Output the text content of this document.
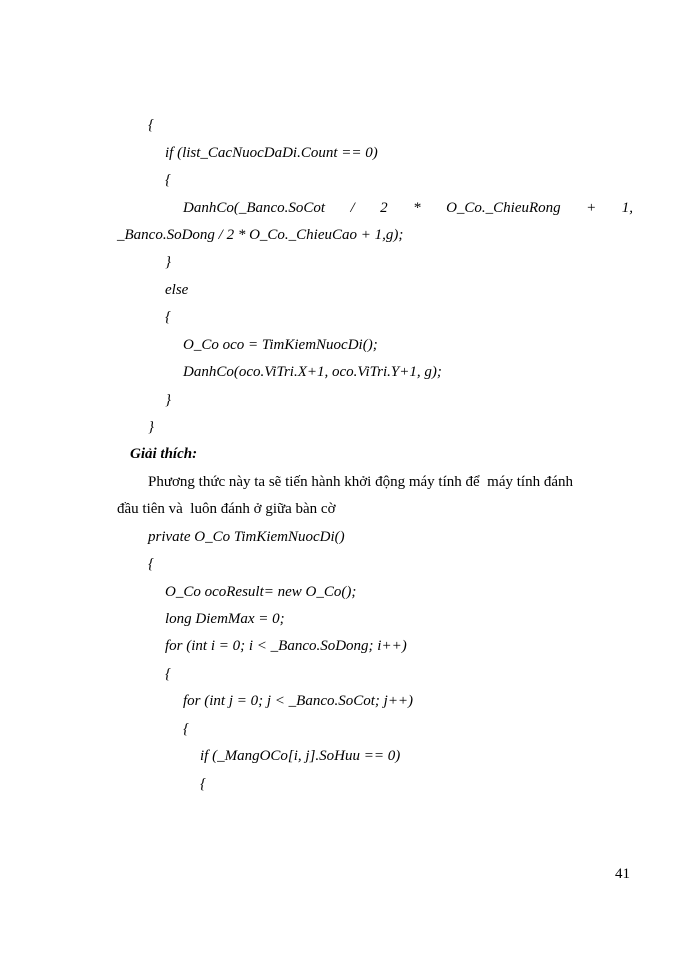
{
if (list_CacNuocDaDi.Count == 0)
{
DanhCo(_Banco.SoCot / 2 * O_Co._ChieuRong + 1,
_Banco.SoDong / 2 * O_Co._ChieuCao + 1,g);
}
else
{
O_Co oco = TimKiemNuocDi();
DanhCo(oco.ViTri.X+1, oco.ViTri.Y+1, g);
}
}
Giải thích:
Phương thức này ta sẽ tiến hành khởi động máy tính để  máy tính đánh
đầu tiên và  luôn đánh ở giữa bàn cờ
private O_Co TimKiemNuocDi()
{
O_Co ocoResult= new O_Co();
long DiemMax = 0;
for (int i = 0; i < _Banco.SoDong; i++)
{
for (int j = 0; j < _Banco.SoCot; j++)
{
if (_MangOCo[i, j].SoHuu == 0)
{
41
